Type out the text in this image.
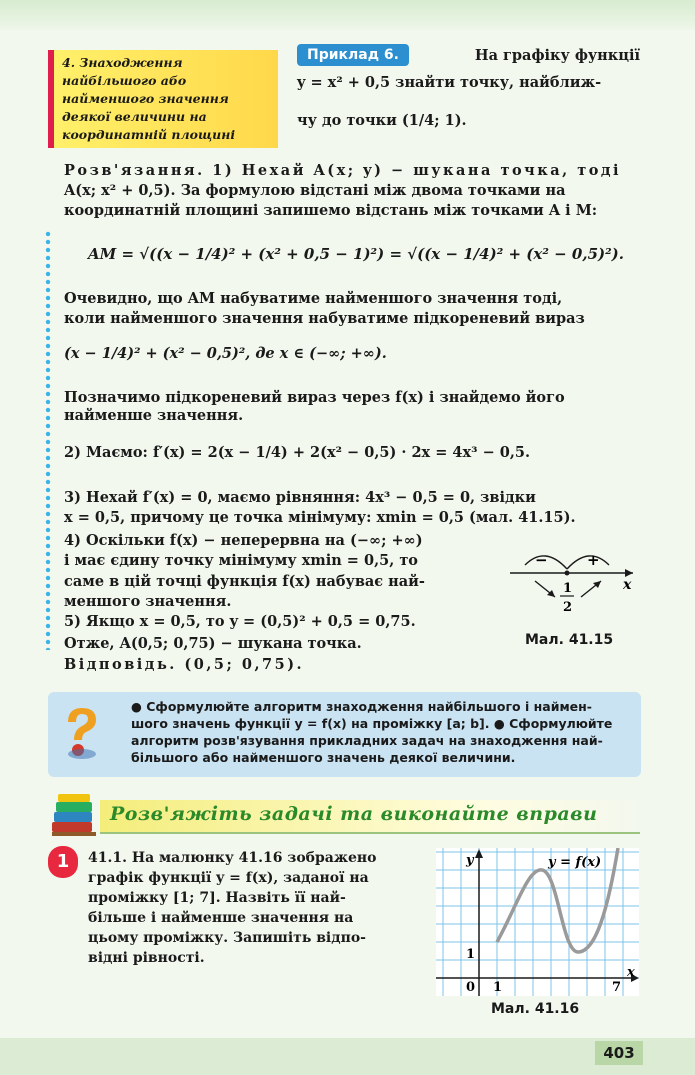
4. Знаходження
найбільшого або
найменшого значення
деякої величини на
координатній площині
Приклад 6.	На графіку функції
y = x² + 0,5 знайти точку, найближ-
чу до точки (1/4; 1).
Розв'язання. 1) Нехай A(x; y) − шукана точка, тоді
A(x; x² + 0,5). За формулою відстані між двома точками на
координатній площині запишемо відстань між точками A і M:
AM = √((x − 1/4)² + (x² + 0,5 − 1)²) = √((x − 1/4)² + (x² − 0,5)²).
Очевидно, що AM набуватиме найменшого значення тоді,
коли найменшого значення набуватиме підкореневий вираз
(x − 1/4)² + (x² − 0,5)², де x ∈ (−∞; +∞).
Позначимо підкореневий вираз через f(x) і знайдемо його
найменше значення.
2) Маємо: f′(x) = 2(x − 1/4) + 2(x² − 0,5) · 2x = 4x³ − 0,5.
3) Нехай f′(x) = 0, маємо рівняння: 4x³ − 0,5 = 0, звідки
x = 0,5, причому це точка мінімуму: xmin = 0,5 (мал. 41.15).
4) Оскільки f(x) − неперервна на (−∞; +∞)
і має єдину точку мінімуму xmin = 0,5, то
саме в цій точці функція f(x) набуває най-
меншого значення.
5) Якщо x = 0,5, то y = (0,5)² + 0,5 = 0,75.
Отже, A(0,5; 0,75) − шукана точка.
Відповідь. (0,5; 0,75).
−	+
x
1
2
Мал. 41.15
● Сформулюйте алгоритм знаходження найбільшого і наймен-
шого значень функції y = f(x) на проміжку [a; b]. ● Сформулюйте
алгоритм розв'язування прикладних задач на знаходження най-
більшого або найменшого значень деякої величини.
Розв'яжіть задачі та виконайте вправи
1	41.1. На малюнку 41.16 зображено
графік функції y = f(x), заданої на
проміжку [1; 7]. Назвіть її най-
більше і найменше значення на
цьому проміжку. Запишіть відпо-
відні рівності.
y	y = f(x)
0 1	7
x
1
Мал. 41.16
403
